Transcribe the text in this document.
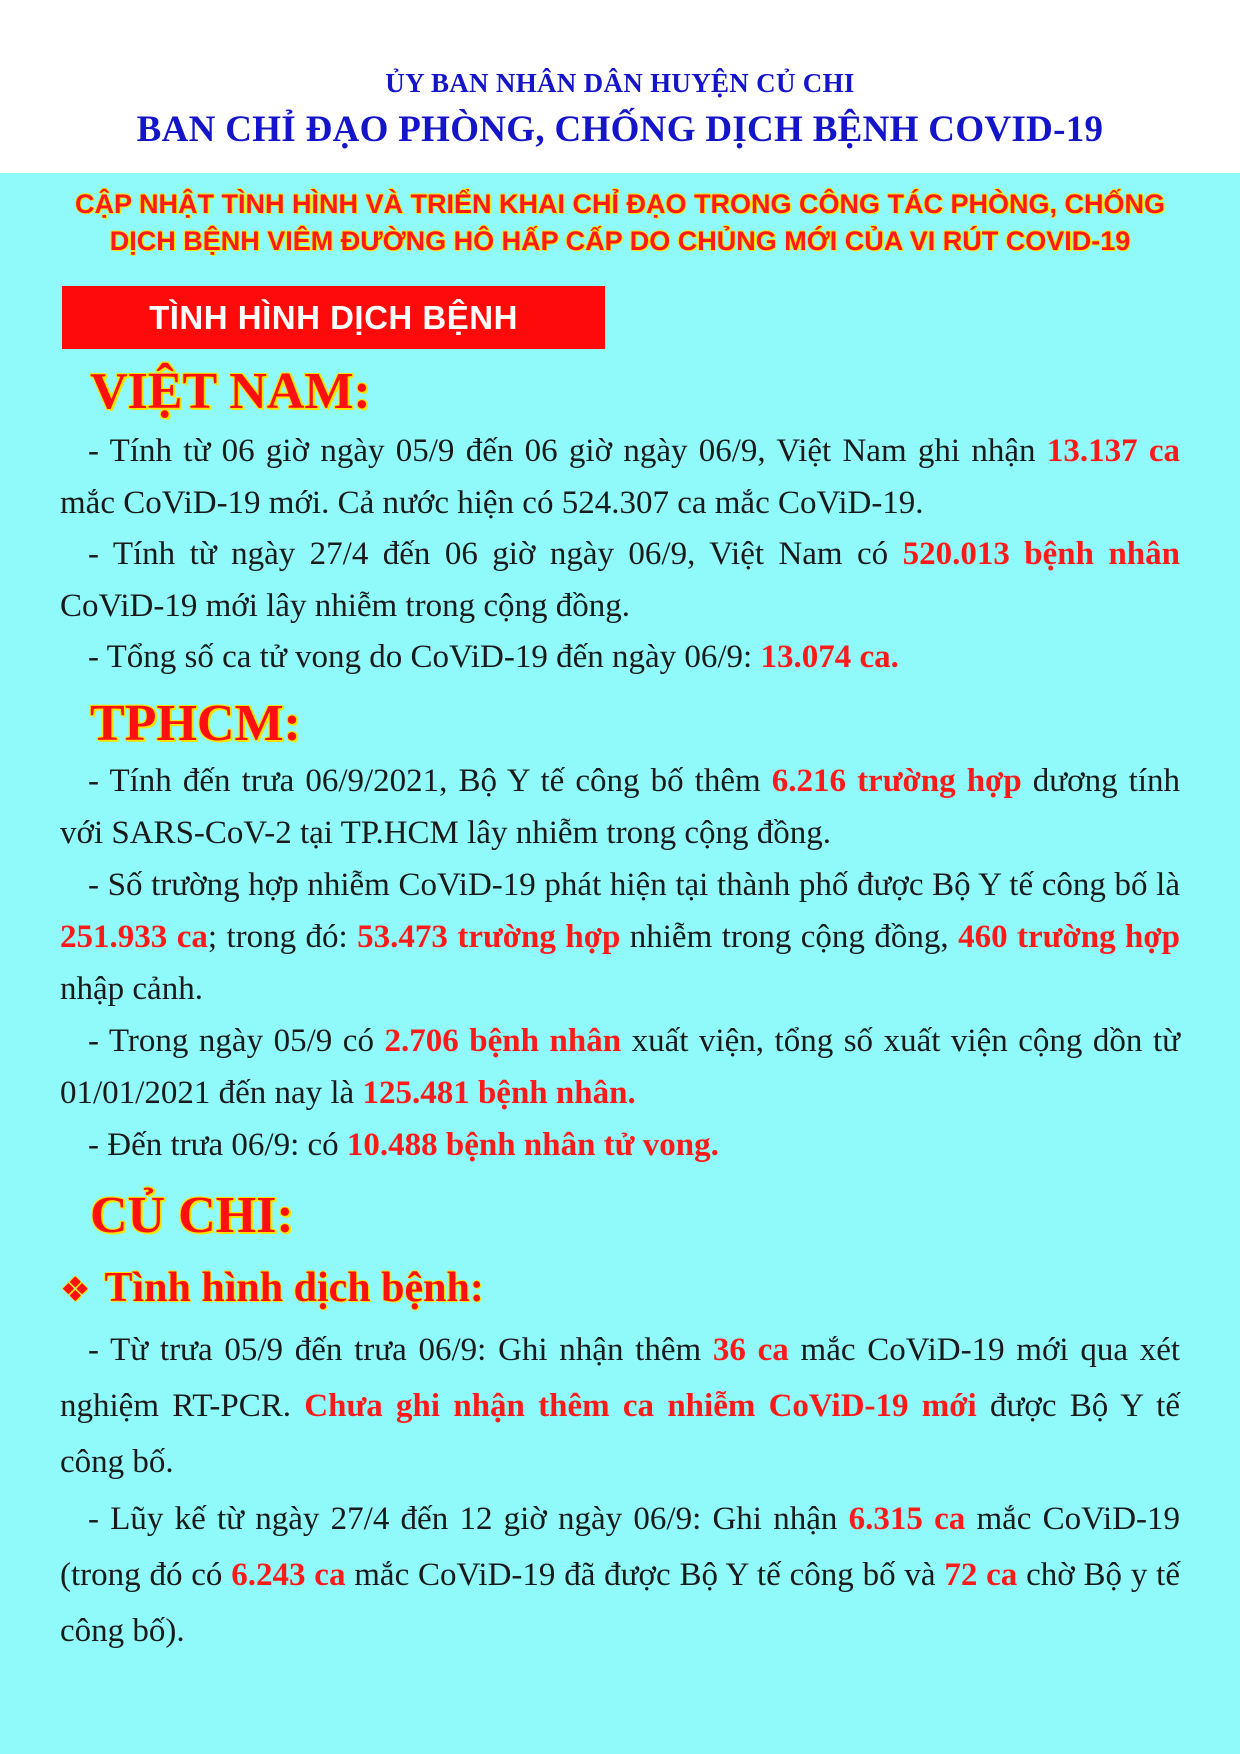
ỦY BAN NHÂN DÂN HUYỆN CỦ CHI
BAN CHỈ ĐẠO PHÒNG, CHỐNG DỊCH BỆNH COVID-19
CẬP NHẬT TÌNH HÌNH VÀ TRIỂN KHAI CHỈ ĐẠO TRONG CÔNG TÁC PHÒNG, CHỐNG
DỊCH BỆNH VIÊM ĐƯỜNG HÔ HẤP CẤP DO CHỦNG MỚI CỦA VI RÚT COVID-19
TÌNH HÌNH DỊCH BỆNH
VIỆT NAM:
- Tính từ 06 giờ ngày 05/9 đến 06 giờ ngày 06/9, Việt Nam ghi nhận 13.137 ca mắc CoViD-19 mới. Cả nước hiện có 524.307 ca mắc CoViD-19.
- Tính từ ngày 27/4 đến 06 giờ ngày 06/9, Việt Nam có 520.013 bệnh nhân CoViD-19 mới lây nhiễm trong cộng đồng.
- Tổng số ca tử vong do CoViD-19 đến ngày 06/9: 13.074 ca.
TPHCM:
- Tính đến trưa 06/9/2021, Bộ Y tế công bố thêm 6.216 trường hợp dương tính với SARS-CoV-2 tại TP.HCM lây nhiễm trong cộng đồng.
- Số trường hợp nhiễm CoViD-19 phát hiện tại thành phố được Bộ Y tế công bố là 251.933 ca; trong đó: 53.473 trường hợp nhiễm trong cộng đồng, 460 trường hợp nhập cảnh.
- Trong ngày 05/9 có 2.706 bệnh nhân xuất viện, tổng số xuất viện cộng dồn từ 01/01/2021 đến nay là 125.481 bệnh nhân.
- Đến trưa 06/9: có 10.488 bệnh nhân tử vong.
CỦ CHI:
❖ Tình hình dịch bệnh:
- Từ trưa 05/9 đến trưa 06/9: Ghi nhận thêm 36 ca mắc CoViD-19 mới qua xét nghiệm RT-PCR. Chưa ghi nhận thêm ca nhiễm CoViD-19 mới được Bộ Y tế công bố.
- Lũy kế từ ngày 27/4 đến 12 giờ ngày 06/9: Ghi nhận 6.315 ca mắc CoViD-19 (trong đó có 6.243 ca mắc CoViD-19 đã được Bộ Y tế công bố và 72 ca chờ Bộ y tế công bố).
